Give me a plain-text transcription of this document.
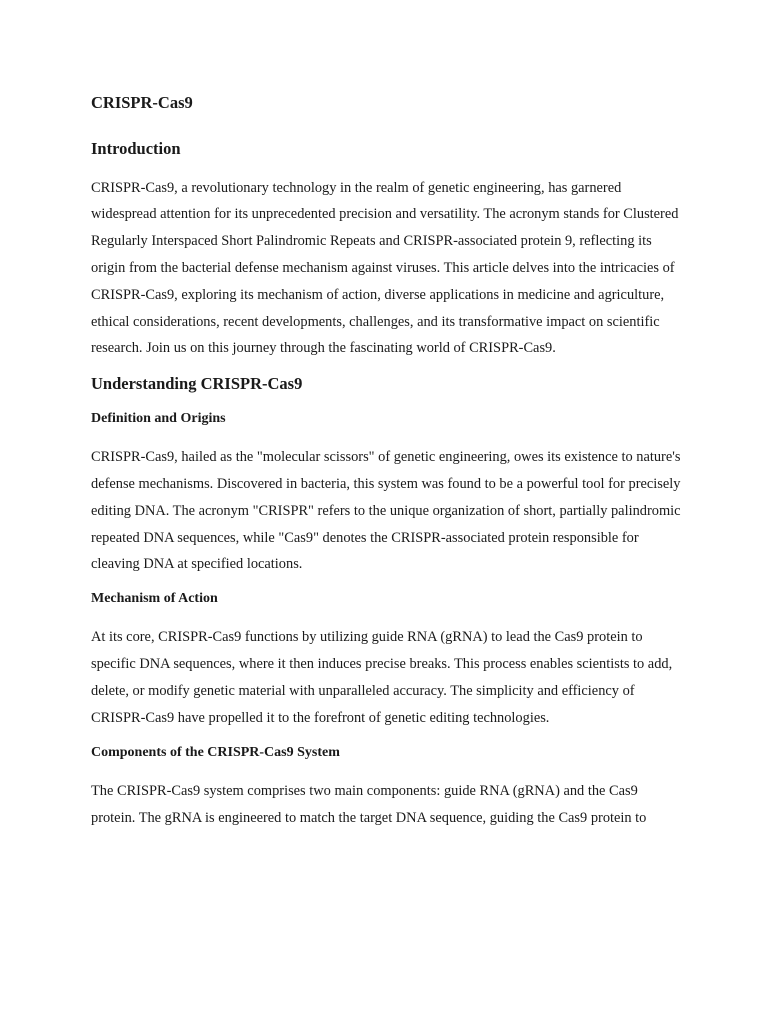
CRISPR-Cas9
Introduction

CRISPR-Cas9, a revolutionary technology in the realm of genetic engineering, has garnered widespread attention for its unprecedented precision and versatility. The acronym stands for Clustered Regularly Interspaced Short Palindromic Repeats and CRISPR-associated protein 9, reflecting its origin from the bacterial defense mechanism against viruses. This article delves into the intricacies of CRISPR-Cas9, exploring its mechanism of action, diverse applications in medicine and agriculture, ethical considerations, recent developments, challenges, and its transformative impact on scientific research. Join us on this journey through the fascinating world of CRISPR-Cas9.

Understanding CRISPR-Cas9
Definition and Origins

CRISPR-Cas9, hailed as the "molecular scissors" of genetic engineering, owes its existence to nature's defense mechanisms. Discovered in bacteria, this system was found to be a powerful tool for precisely editing DNA. The acronym "CRISPR" refers to the unique organization of short, partially palindromic repeated DNA sequences, while "Cas9" denotes the CRISPR-associated protein responsible for cleaving DNA at specified locations.

Mechanism of Action

At its core, CRISPR-Cas9 functions by utilizing guide RNA (gRNA) to lead the Cas9 protein to specific DNA sequences, where it then induces precise breaks. This process enables scientists to add, delete, or modify genetic material with unparalleled accuracy. The simplicity and efficiency of CRISPR-Cas9 have propelled it to the forefront of genetic editing technologies.

Components of the CRISPR-Cas9 System

The CRISPR-Cas9 system comprises two main components: guide RNA (gRNA) and the Cas9 protein. The gRNA is engineered to match the target DNA sequence, guiding the Cas9 protein to
